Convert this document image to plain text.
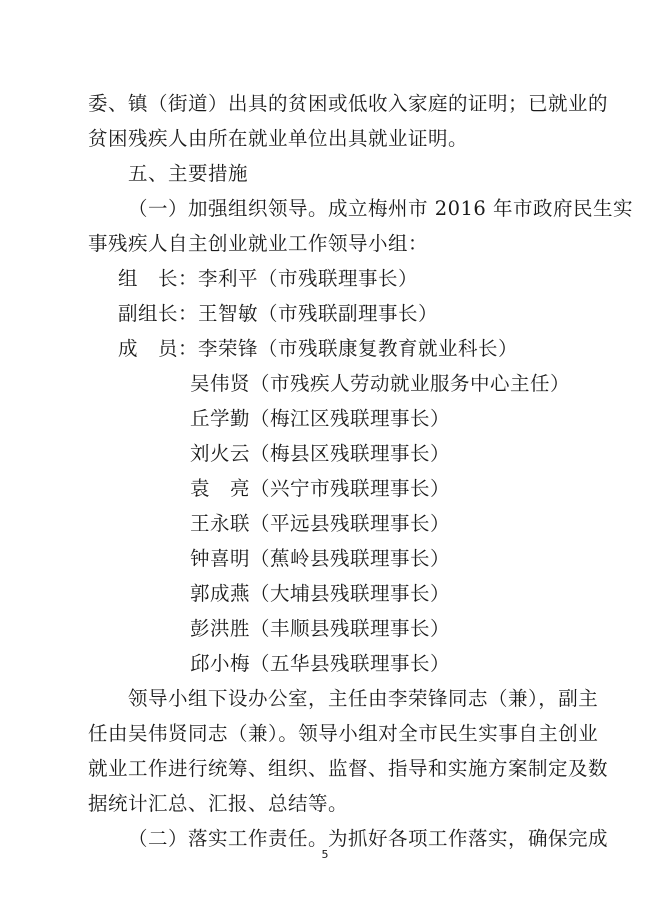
委、镇（街道）出具的贫困或低收入家庭的证明；已就业的
贫困残疾人由所在就业单位出具就业证明。
五、主要措施
（一）加强组织领导。成立梅州市 2016 年市政府民生实
事残疾人自主创业就业工作领导小组：
组　长：李利平（市残联理事长）
副组长：王智敏（市残联副理事长）
成　员：李荣锋（市残联康复教育就业科长）
吴伟贤（市残疾人劳动就业服务中心主任）
丘学勤（梅江区残联理事长）
刘火云（梅县区残联理事长）
袁　亮（兴宁市残联理事长）
王永联（平远县残联理事长）
钟喜明（蕉岭县残联理事长）
郭成燕（大埔县残联理事长）
彭洪胜（丰顺县残联理事长）
邱小梅（五华县残联理事长）
领导小组下设办公室，主任由李荣锋同志（兼），副主
任由吴伟贤同志（兼）。领导小组对全市民生实事自主创业
就业工作进行统筹、组织、监督、指导和实施方案制定及数
据统计汇总、汇报、总结等。
（二）落实工作责任。为抓好各项工作落实，确保完成
5
